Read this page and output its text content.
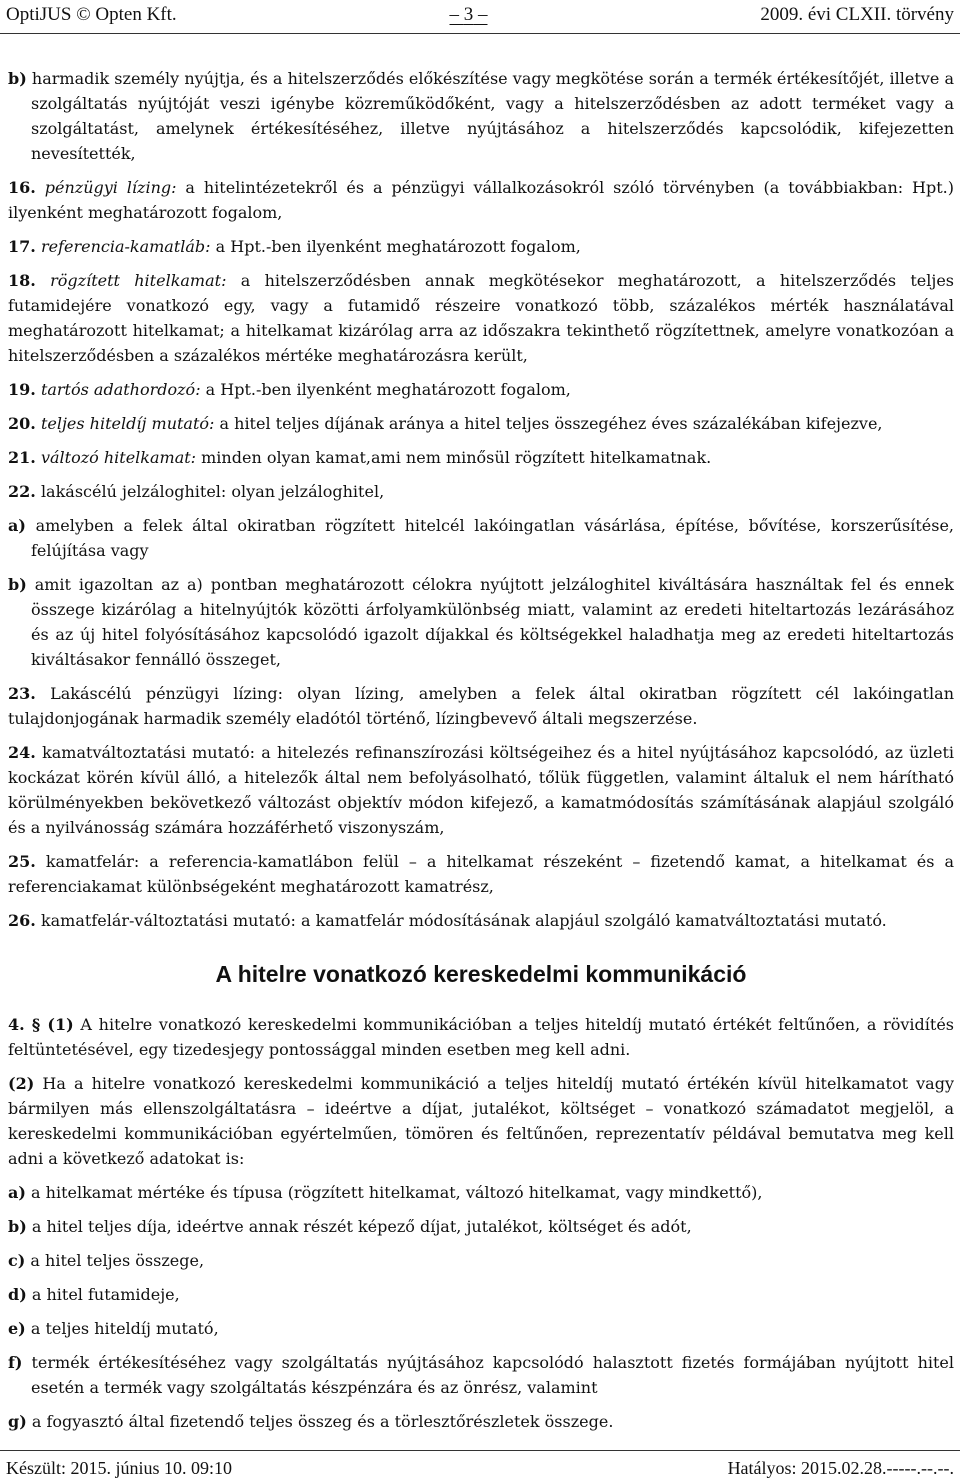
OptiJUS © Opten Kft.	– 3 –	2009. évi CLXII. törvény

b) harmadik személy nyújtja, és a hitelszerződés előkészítése vagy megkötése során a termék értékesítőjét, illetve a szolgáltatás nyújtóját veszi igénybe közreműködőként, vagy a hitelszerződésben az adott terméket vagy a szolgáltatást, amelynek értékesítéséhez, illetve nyújtásához a hitelszerződés kapcsolódik, kifejezetten nevesítették,

16. pénzügyi lízing: a hitelintézetekről és a pénzügyi vállalkozásokról szóló törvényben (a továbbiakban: Hpt.) ilyenként meghatározott fogalom,

17. referencia-kamatláb: a Hpt.-ben ilyenként meghatározott fogalom,

18. rögzített hitelkamat: a hitelszerződésben annak megkötésekor meghatározott, a hitelszerződés teljes futamidejére vonatkozó egy, vagy a futamidő részeire vonatkozó több, százalékos mérték használatával meghatározott hitelkamat; a hitelkamat kizárólag arra az időszakra tekinthető rögzítettnek, amelyre vonatkozóan a hitelszerződésben a százalékos mértéke meghatározásra került,

19. tartós adathordozó: a Hpt.-ben ilyenként meghatározott fogalom,

20. teljes hiteldíj mutató: a hitel teljes díjának aránya a hitel teljes összegéhez éves százalékában kifejezve,

21. változó hitelkamat: minden olyan kamat,ami nem minősül rögzített hitelkamatnak.

22. lakáscélú jelzáloghitel: olyan jelzáloghitel,

a) amelyben a felek által okiratban rögzített hitelcél lakóingatlan vásárlása, építése, bővítése, korszerűsítése, felújítása vagy

b) amit igazoltan az a) pontban meghatározott célokra nyújtott jelzáloghitel kiváltására használtak fel és ennek összege kizárólag a hitelnyújtók közötti árfolyamkülönbség miatt, valamint az eredeti hiteltartozás lezárásához és az új hitel folyósításához kapcsolódó igazolt díjakkal és költségekkel haladhatja meg az eredeti hiteltartozás kiváltásakor fennálló összeget,

23. Lakáscélú pénzügyi lízing: olyan lízing, amelyben a felek által okiratban rögzített cél lakóingatlan tulajdonjogának harmadik személy eladótól történő, lízingbevevő általi megszerzése.

24. kamatváltoztatási mutató: a hitelezés refinanszírozási költségeihez és a hitel nyújtásához kapcsolódó, az üzleti kockázat körén kívül álló, a hitelezők által nem befolyásolható, tőlük független, valamint általuk el nem hárítható körülményekben bekövetkező változást objektív módon kifejező, a kamatmódosítás számításának alapjául szolgáló és a nyilvánosság számára hozzáférhető viszonyszám,

25. kamatfelár: a referencia-kamatlábon felül – a hitelkamat részeként – fizetendő kamat, a hitelkamat és a referenciakamat különbségeként meghatározott kamatrész,

26. kamatfelár-változtatási mutató: a kamatfelár módosításának alapjául szolgáló kamatváltoztatási mutató.

A hitelre vonatkozó kereskedelmi kommunikáció

4. § (1) A hitelre vonatkozó kereskedelmi kommunikációban a teljes hiteldíj mutató értékét feltűnően, a rövidítés feltüntetésével, egy tizedesjegy pontossággal minden esetben meg kell adni.

(2) Ha a hitelre vonatkozó kereskedelmi kommunikáció a teljes hiteldíj mutató értékén kívül hitelkamatot vagy bármilyen más ellenszolgáltatásra – ideértve a díjat, jutalékot, költséget – vonatkozó számadatot megjelöl, a kereskedelmi kommunikációban egyértelműen, tömören és feltűnően, reprezentatív példával bemutatva meg kell adni a következő adatokat is:

a) a hitelkamat mértéke és típusa (rögzített hitelkamat, változó hitelkamat, vagy mindkettő),

b) a hitel teljes díja, ideértve annak részét képező díjat, jutalékot, költséget és adót,

c) a hitel teljes összege,

d) a hitel futamideje,

e) a teljes hiteldíj mutató,

f) termék értékesítéséhez vagy szolgáltatás nyújtásához kapcsolódó halasztott fizetés formájában nyújtott hitel esetén a termék vagy szolgáltatás készpénzára és az önrész, valamint

g) a fogyasztó által fizetendő teljes összeg és a törlesztőrészletek összege.

Készült: 2015. június 10. 09:10	Hatályos: 2015.02.28.-----.--.--.
